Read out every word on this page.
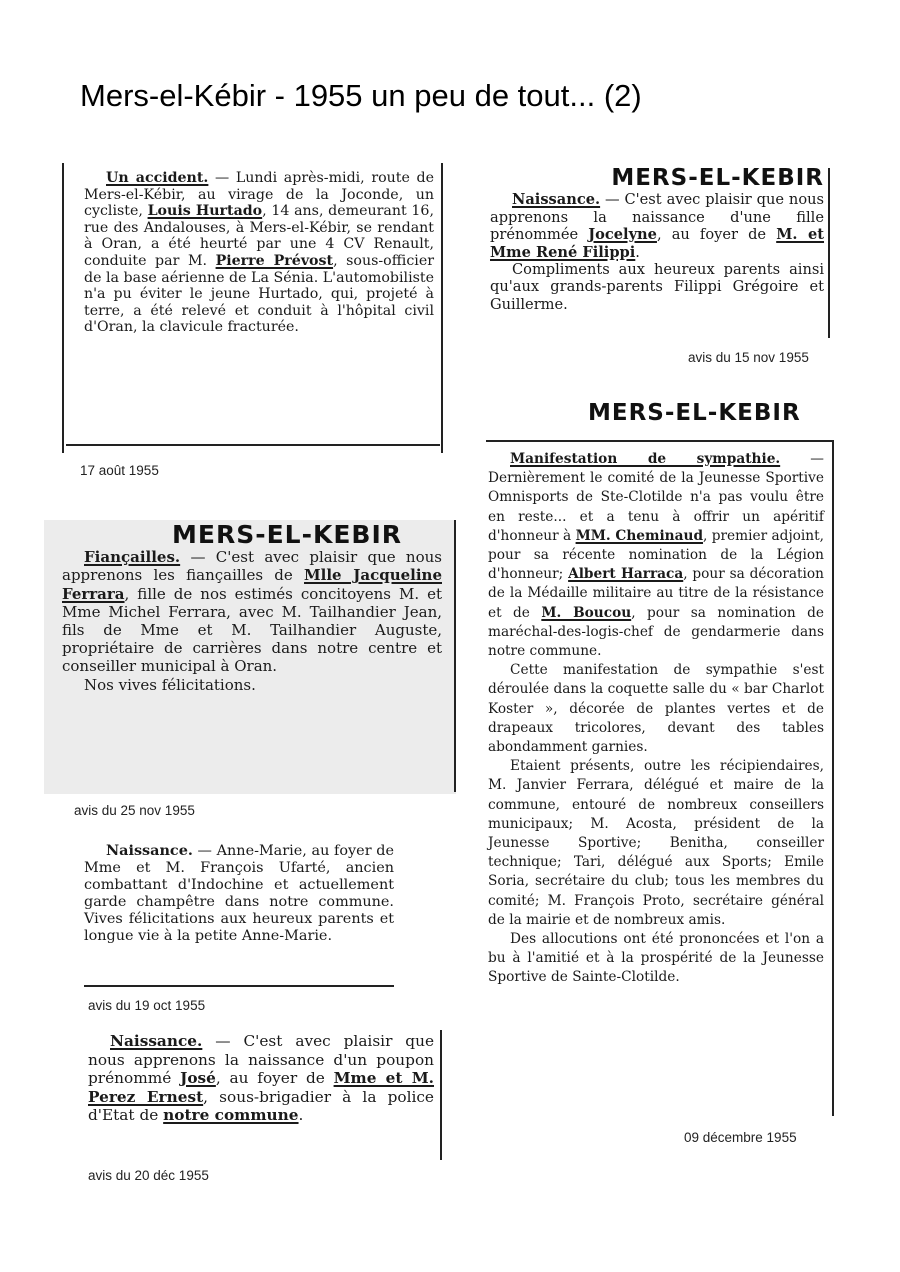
Mers-el-Kébir - 1955 un peu de tout... (2)

Un accident. — Lundi après-midi, route de Mers-el-Kébir, au virage de la Joconde, un cycliste, Louis Hurtado, 14 ans, demeurant 16, rue des Andalouses, à Mers-el-Kébir, se rendant à Oran, a été heurté par une 4 CV Renault, conduite par M. Pierre Prévost, sous-officier de la base aérienne de La Sénia. L'automobiliste n'a pu éviter le jeune Hurtado, qui, projeté à terre, a été relevé et conduit à l'hôpital civil d'Oran, la clavicule fracturée.

17 août 1955
MERS-EL-KEBIR

Fiançailles. — C'est avec plaisir que nous apprenons les fiançailles de Mlle Jacqueline Ferrara, fille de nos estimés concitoyens M. et Mme Michel Ferrara, avec M. Tailhandier Jean, fils de Mme et M. Tailhandier Auguste, propriétaire de carrières dans notre centre et conseiller municipal à Oran.

Nos vives félicitations.

avis du 25 nov 1955

Naissance. — Anne-Marie, au foyer de Mme et M. François Ufarté, ancien combattant d'Indochine et actuellement garde champêtre dans notre commune. Vives félicitations aux heureux parents et longue vie à la petite Anne-Marie.

avis du 19 oct 1955

Naissance. — C'est avec plaisir que nous apprenons la naissance d'un poupon prénommé José, au foyer de Mme et M. Perez Ernest, sous-brigadier à la police d'Etat de notre commune.

avis du 20 déc 1955
MERS-EL-KEBIR

Naissance. — C'est avec plaisir que nous apprenons la naissance d'une fille prénommée Jocelyne, au foyer de M. et Mme René Filippi.

Compliments aux heureux parents ainsi qu'aux grands-parents Filippi Grégoire et Guillerme.

avis du 15 nov 1955
MERS-EL-KEBIR

Manifestation de sympathie. — Dernièrement le comité de la Jeunesse Sportive Omnisports de Ste-Clotilde n'a pas voulu être en reste... et a tenu à offrir un apéritif d'honneur à MM. Cheminaud, premier adjoint, pour sa récente nomination de la Légion d'honneur; Albert Harraca, pour sa décoration de la Médaille militaire au titre de la résistance et de M. Boucou, pour sa nomination de maréchal-des-logis-chef de gendarmerie dans notre commune.

Cette manifestation de sympathie s'est déroulée dans la coquette salle du « bar Charlot Koster », décorée de plantes vertes et de drapeaux tricolores, devant des tables abondamment garnies.

Etaient présents, outre les récipiendaires, M. Janvier Ferrara, délégué et maire de la commune, entouré de nombreux conseillers municipaux; M. Acosta, président de la Jeunesse Sportive; Benitha, conseiller technique; Tari, délégué aux Sports; Emile Soria, secrétaire du club; tous les membres du comité; M. François Proto, secrétaire général de la mairie et de nombreux amis.

Des allocutions ont été prononcées et l'on a bu à l'amitié et à la prospérité de la Jeunesse Sportive de Sainte-Clotilde.

09 décembre 1955
